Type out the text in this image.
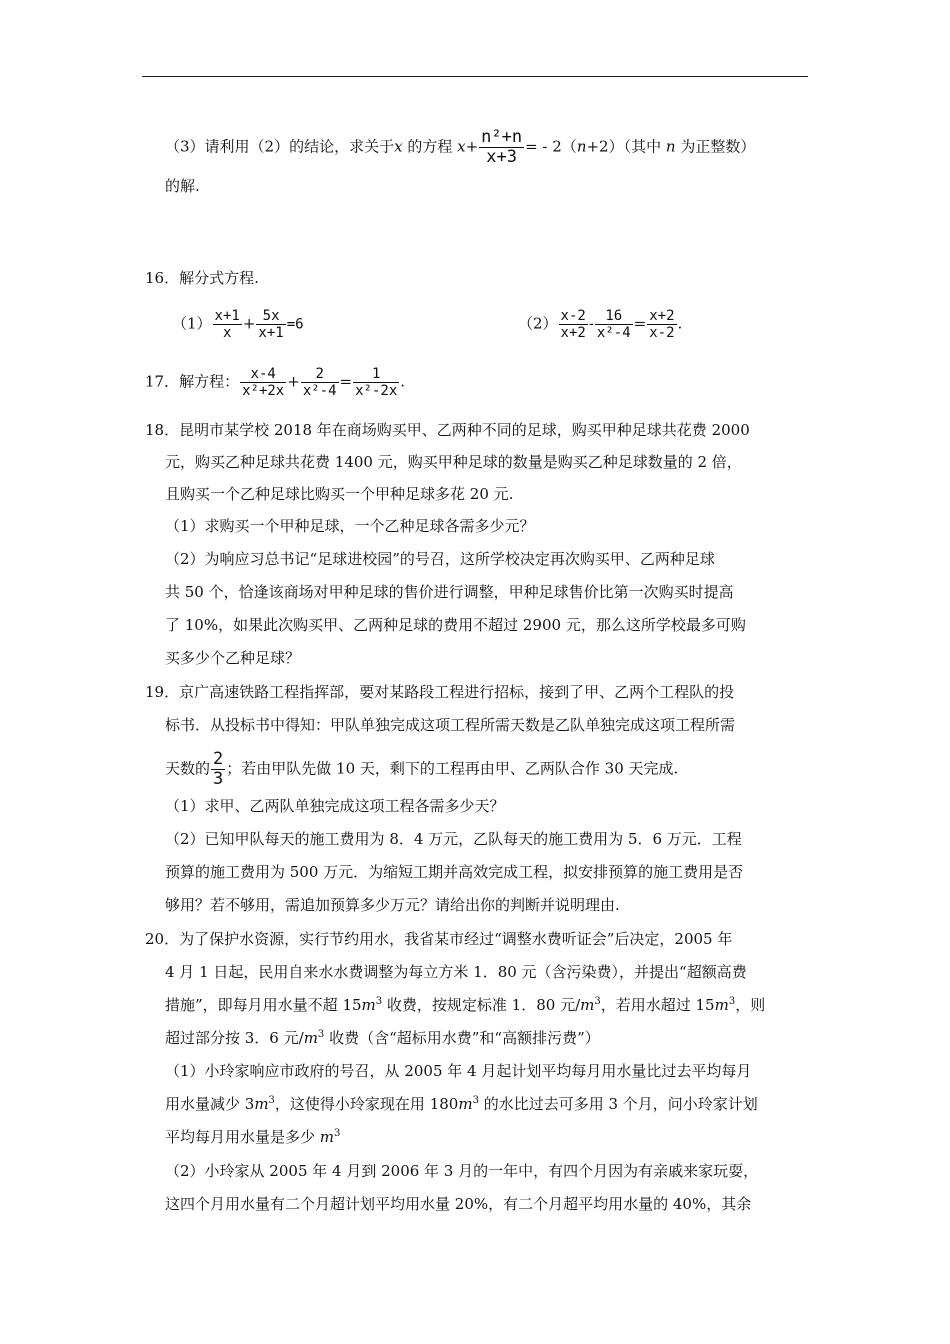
（3）请利用（2）的结论，求关于x 的方程 $x+ \frac{\text{n²+n}}{x+3}$ = - 2（n+2）（其中 n 为正整数）
的解.
16．解分式方程.
$(1) \frac{x+1}{x} + \frac{5x}{x+1} =6$	$(2) \frac{x-2}{x+2} - \frac{16}{\text{x²-4}} = \frac{x+2}{x-2}$ .
17．解方程： $\frac{x-4}{\text{x²+2x}} + \frac{2}{\text{x²-4}} = \frac{1}{\text{x²-2x}}$ .
18．昆明市某学校 2018 年在商场购买甲、乙两种不同的足球，购买甲种足球共花费 2000
元，购买乙种足球共花费 1400 元，购买甲种足球的数量是购买乙种足球数量的 2 倍，
且购买一个乙种足球比购买一个甲种足球多花 20 元.
（1）求购买一个甲种足球，一个乙种足球各需多少元？
（2）为响应习总书记“足球进校园”的号召，这所学校决定再次购买甲、乙两种足球
共 50 个，恰逢该商场对甲种足球的售价进行调整，甲种足球售价比第一次购买时提高
了 10%，如果此次购买甲、乙两种足球的费用不超过 2900 元，那么这所学校最多可购
买多少个乙种足球？
19．京广高速铁路工程指挥部，要对某路段工程进行招标，接到了甲、乙两个工程队的投
标书．从投标书中得知：甲队单独完成这项工程所需天数是乙队单独完成这项工程所需
天数的 $\frac{2}{3}$ ；若由甲队先做 10 天，剩下的工程再由甲、乙两队合作 30 天完成.
（1）求甲、乙两队单独完成这项工程各需多少天？
（2）已知甲队每天的施工费用为 8．4 万元，乙队每天的施工费用为 5．6 万元．工程
预算的施工费用为 500 万元．为缩短工期并高效完成工程，拟安排预算的施工费用是否
够用？若不够用，需追加预算多少万元？请给出你的判断并说明理由.
20．为了保护水资源，实行节约用水，我省某市经过“调整水费听证会”后决定，2005 年
4 月 1 日起，民用自来水水费调整为每立方米 1．80 元（含污染费），并提出“超额高费
措施”，即每月用水量不超 $15m^3$ 收费，按规定标准 1．80 元$/m^3$，若用水超过 $15m^3$，则
超过部分按 3．6 元$/m^3$ 收费（含“超标用水费”和“高额排污费”）
（1）小玲家响应市政府的号召，从 2005 年 4 月起计划平均每月用水量比过去平均每月
用水量减少 $3m^3$，这使得小玲家现在用 $180m^3$ 的水比过去可多用 3 个月，问小玲家计划
平均每月用水量是多少 $m^3$
（2）小玲家从 2005 年 4 月到 2006 年 3 月的一年中，有四个月因为有亲戚来家玩耍，
这四个月用水量有二个月超计划平均用水量 20%，有二个月超平均用水量的 40%，其余
